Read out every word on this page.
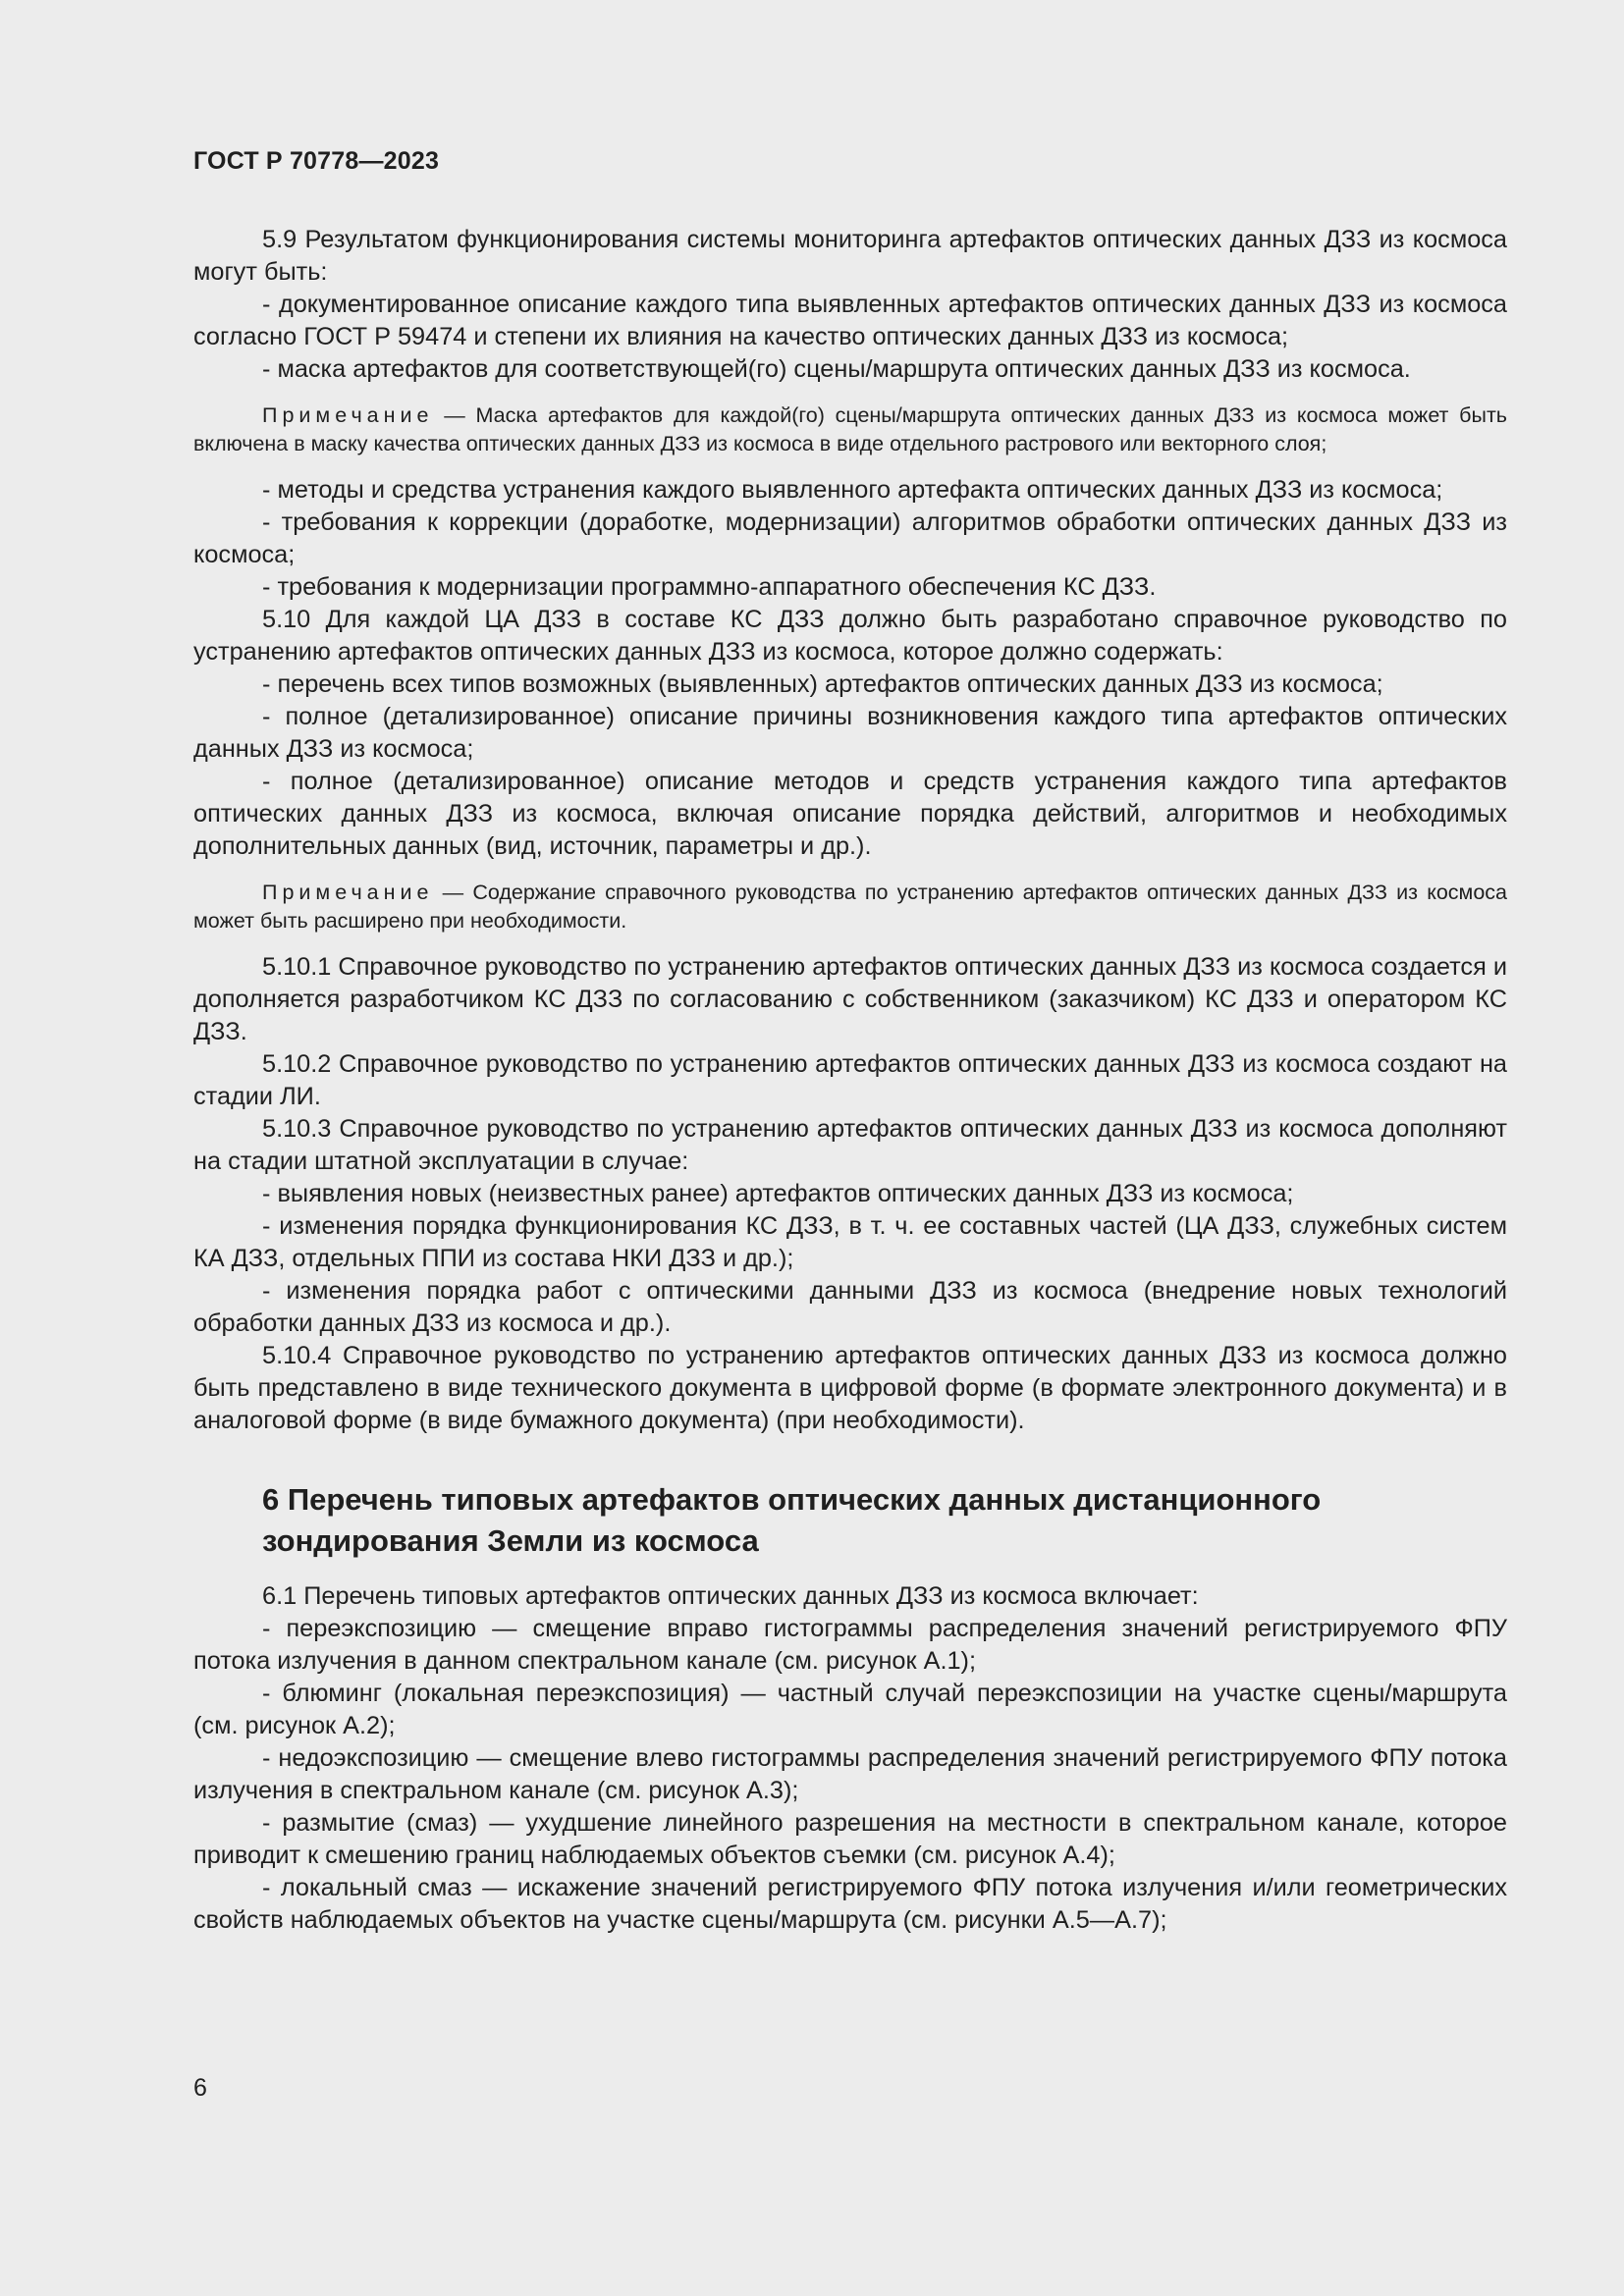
ГОСТ Р 70778—2023

5.9 Результатом функционирования системы мониторинга артефактов оптических данных ДЗЗ из космоса могут быть:

- документированное описание каждого типа выявленных артефактов оптических данных ДЗЗ из космоса согласно ГОСТ Р 59474 и степени их влияния на качество оптических данных ДЗЗ из космоса;

- маска артефактов для соответствующей(го) сцены/маршрута оптических данных ДЗЗ из космоса.

Примечание — Маска артефактов для каждой(го) сцены/маршрута оптических данных ДЗЗ из космоса может быть включена в маску качества оптических данных ДЗЗ из космоса в виде отдельного растрового или векторного слоя;

- методы и средства устранения каждого выявленного артефакта оптических данных ДЗЗ из космоса;

- требования к коррекции (доработке, модернизации) алгоритмов обработки оптических данных ДЗЗ из космоса;

- требования к модернизации программно-аппаратного обеспечения КС ДЗЗ.

5.10 Для каждой ЦА ДЗЗ в составе КС ДЗЗ должно быть разработано справочное руководство по устранению артефактов оптических данных ДЗЗ из космоса, которое должно содержать:

- перечень всех типов возможных (выявленных) артефактов оптических данных ДЗЗ из космоса;

- полное (детализированное) описание причины возникновения каждого типа артефактов оптических данных ДЗЗ из космоса;

- полное (детализированное) описание методов и средств устранения каждого типа артефактов оптических данных ДЗЗ из космоса, включая описание порядка действий, алгоритмов и необходимых дополнительных данных (вид, источник, параметры и др.).

Примечание — Содержание справочного руководства по устранению артефактов оптических данных ДЗЗ из космоса может быть расширено при необходимости.

5.10.1 Справочное руководство по устранению артефактов оптических данных ДЗЗ из космоса создается и дополняется разработчиком КС ДЗЗ по согласованию с собственником (заказчиком) КС ДЗЗ и оператором КС ДЗЗ.

5.10.2 Справочное руководство по устранению артефактов оптических данных ДЗЗ из космоса создают на стадии ЛИ.

5.10.3 Справочное руководство по устранению артефактов оптических данных ДЗЗ из космоса дополняют на стадии штатной эксплуатации в случае:

- выявления новых (неизвестных ранее) артефактов оптических данных ДЗЗ из космоса;

- изменения порядка функционирования КС ДЗЗ, в т. ч. ее составных частей (ЦА ДЗЗ, служебных систем КА ДЗЗ, отдельных ППИ из состава НКИ ДЗЗ и др.);

- изменения порядка работ с оптическими данными ДЗЗ из космоса (внедрение новых технологий обработки данных ДЗЗ из космоса и др.).

5.10.4 Справочное руководство по устранению артефактов оптических данных ДЗЗ из космоса должно быть представлено в виде технического документа в цифровой форме (в формате электронного документа) и в аналоговой форме (в виде бумажного документа) (при необходимости).

6 Перечень типовых артефактов оптических данных дистанционного зондирования Земли из космоса

6.1 Перечень типовых артефактов оптических данных ДЗЗ из космоса включает:

- переэкспозицию — смещение вправо гистограммы распределения значений регистрируемого ФПУ потока излучения в данном спектральном канале (см. рисунок А.1);

- блюминг (локальная переэкспозиция) — частный случай переэкспозиции на участке сцены/маршрута (см. рисунок А.2);

- недоэкспозицию — смещение влево гистограммы распределения значений регистрируемого ФПУ потока излучения в спектральном канале (см. рисунок А.3);

- размытие (смаз) — ухудшение линейного разрешения на местности в спектральном канале, которое приводит к смешению границ наблюдаемых объектов съемки (см. рисунок А.4);

- локальный смаз — искажение значений регистрируемого ФПУ потока излучения и/или геометрических свойств наблюдаемых объектов на участке сцены/маршрута (см. рисунки А.5—А.7);

6
